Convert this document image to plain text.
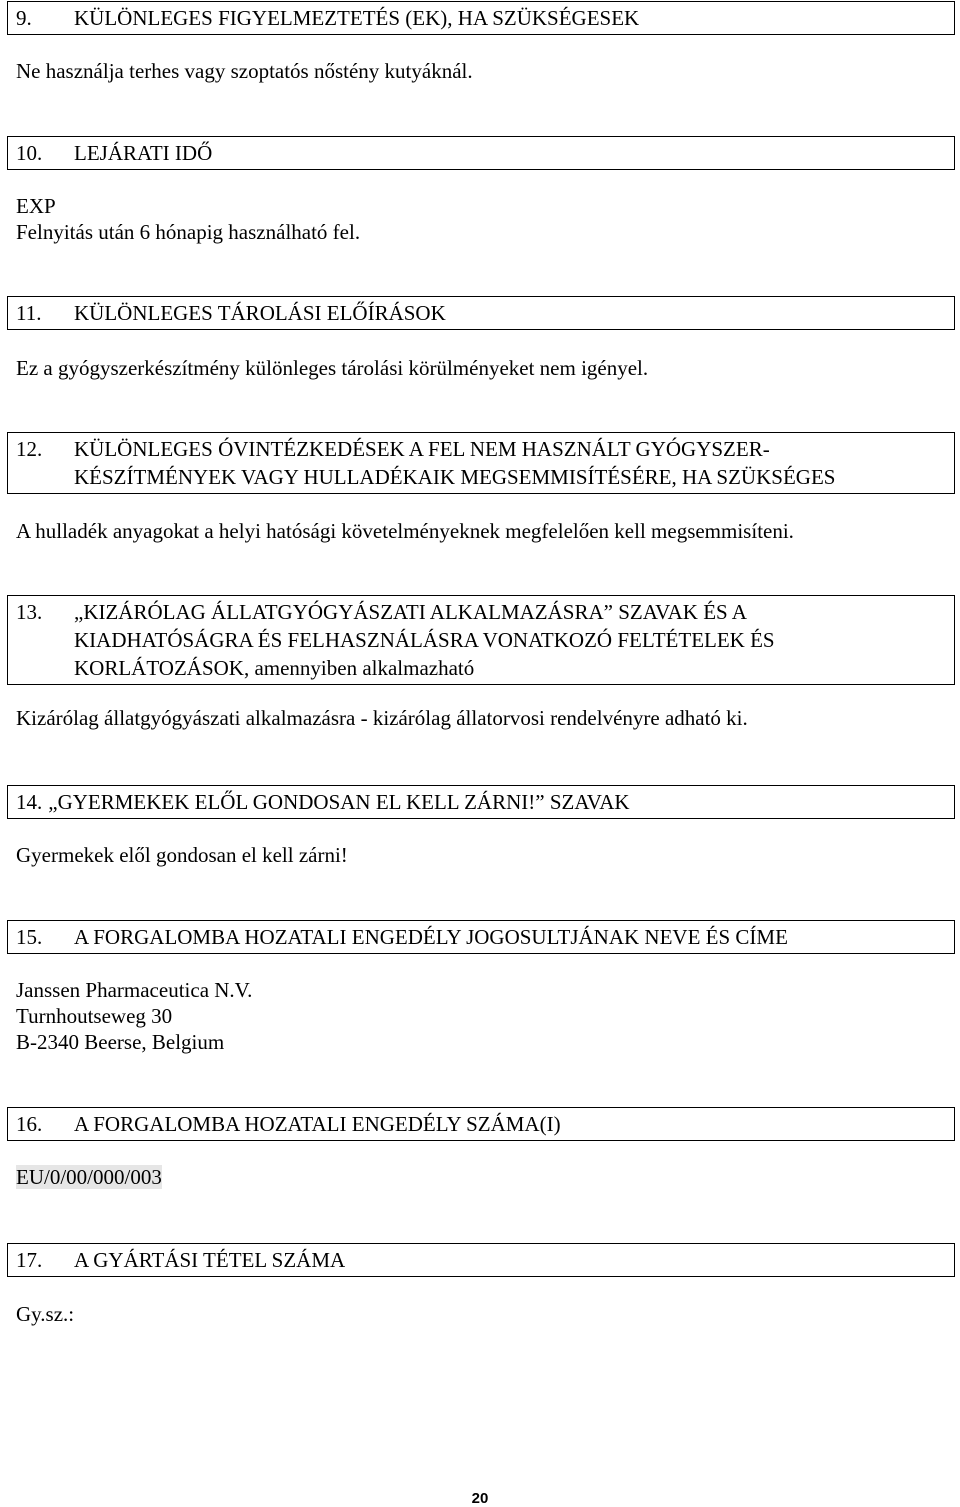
9.	KÜLÖNLEGES FIGYELMEZTETÉS (EK), HA SZÜKSÉGESEK

Ne használja terhes vagy szoptatós nőstény kutyáknál.

10.	LEJÁRATI IDŐ

EXP

Felnyitás után 6 hónapig használható fel.

11.	KÜLÖNLEGES TÁROLÁSI ELŐÍRÁSOK

Ez a gyógyszerkészítmény különleges tárolási körülményeket nem igényel.

12.	KÜLÖNLEGES ÓVINTÉZKEDÉSEK A FEL NEM HASZNÁLT GYÓGYSZER-
KÉSZÍTMÉNYEK VAGY HULLADÉKAIK MEGSEMMISÍTÉSÉRE, HA SZÜKSÉGES

A hulladék anyagokat a helyi hatósági követelményeknek megfelelően kell megsemmisíteni.

13.	„KIZÁRÓLAG ÁLLATGYÓGYÁSZATI ALKALMAZÁSRA” SZAVAK ÉS A
KIADHATÓSÁGRA ÉS FELHASZNÁLÁSRA VONATKOZÓ FELTÉTELEK ÉS
KORLÁTOZÁSOK, amennyiben alkalmazható

Kizárólag állatgyógyászati alkalmazásra - kizárólag állatorvosi rendelvényre adható ki.

14. „GYERMEKEK ELŐL GONDOSAN EL KELL ZÁRNI!” SZAVAK

Gyermekek elől gondosan el kell zárni!

15.	A FORGALOMBA HOZATALI ENGEDÉLY JOGOSULTJÁNAK NEVE ÉS CÍME

Janssen Pharmaceutica N.V.

Turnhoutseweg 30

B-2340 Beerse, Belgium

16.	A FORGALOMBA HOZATALI ENGEDÉLY SZÁMA(I)

EU/0/00/000/003

17.	A GYÁRTÁSI TÉTEL SZÁMA

Gy.sz.:

20
